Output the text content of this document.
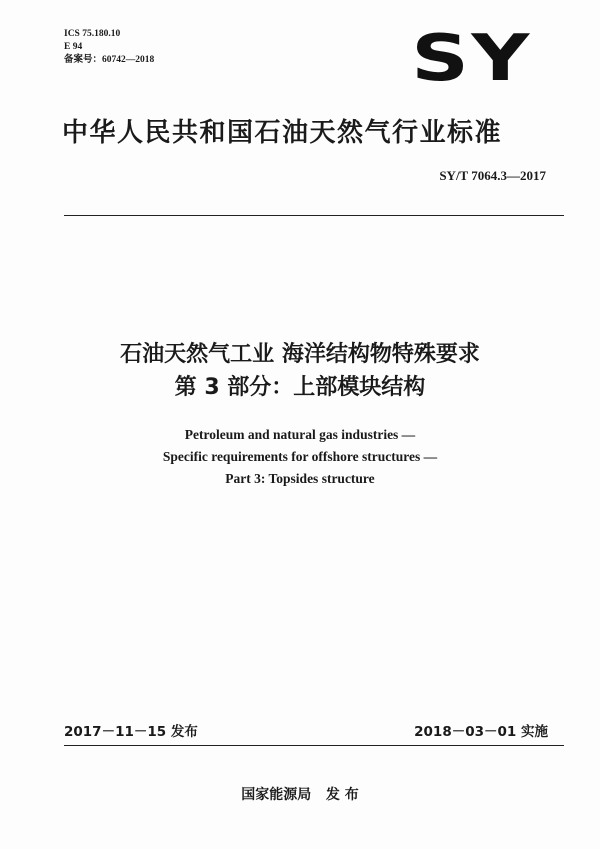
ICS 75.180.10
E 94
备案号：60742—2018	SY
中华人民共和国石油天然气行业标准
SY/T 7064.3—2017
石油天然气工业 海洋结构物特殊要求
第 3 部分：上部模块结构
Petroleum and natural gas industries —
Specific requirements for offshore structures —
Part 3: Topsides structure
2017－11－15 发布	2018－03－01 实施
国家能源局   发 布
